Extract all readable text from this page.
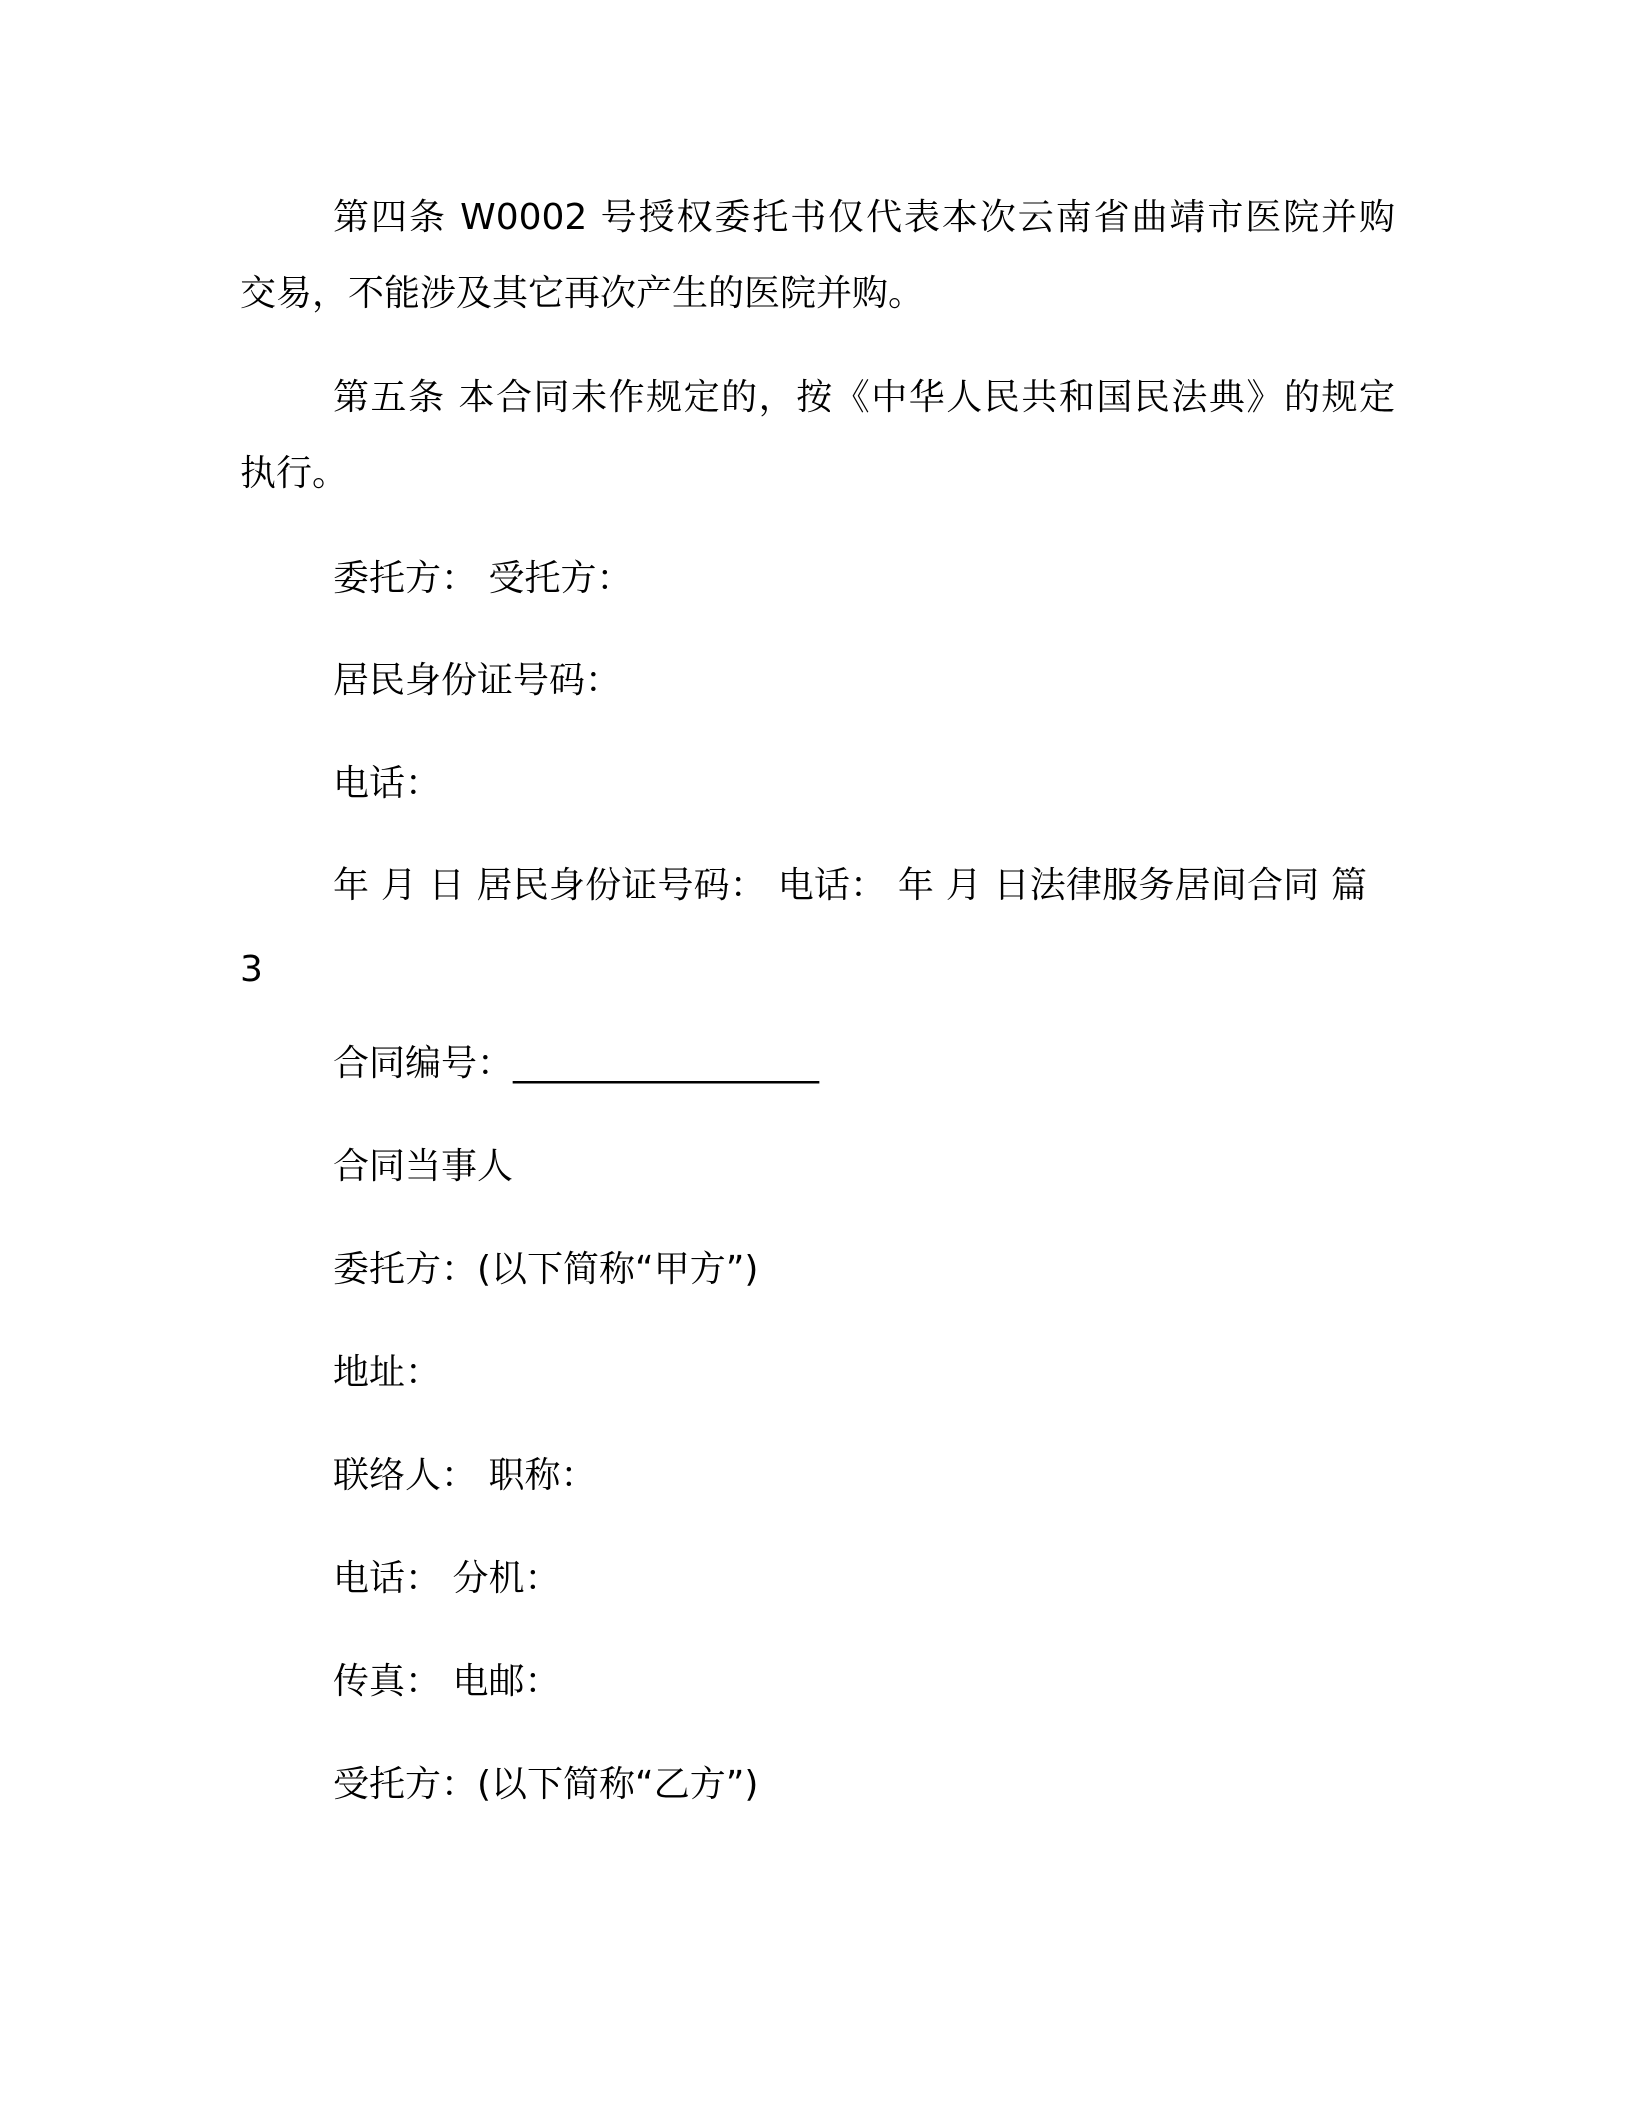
第四条 W0002 号授权委托书仅代表本次云南省曲靖市医院并购
交易，不能涉及其它再次产生的医院并购。
第五条 本合同未作规定的，按《中华人民共和国民法典》的规定
执行。
委托方： 受托方：
居民身份证号码：
电话：
年 月 日 居民身份证号码： 电话： 年 月 日法律服务居间合同 篇
3
合同编号：_________________
合同当事人
委托方：(以下简称“甲方”)
地址：
联络人： 职称：
电话： 分机：
传真： 电邮：
受托方：(以下简称“乙方”)
